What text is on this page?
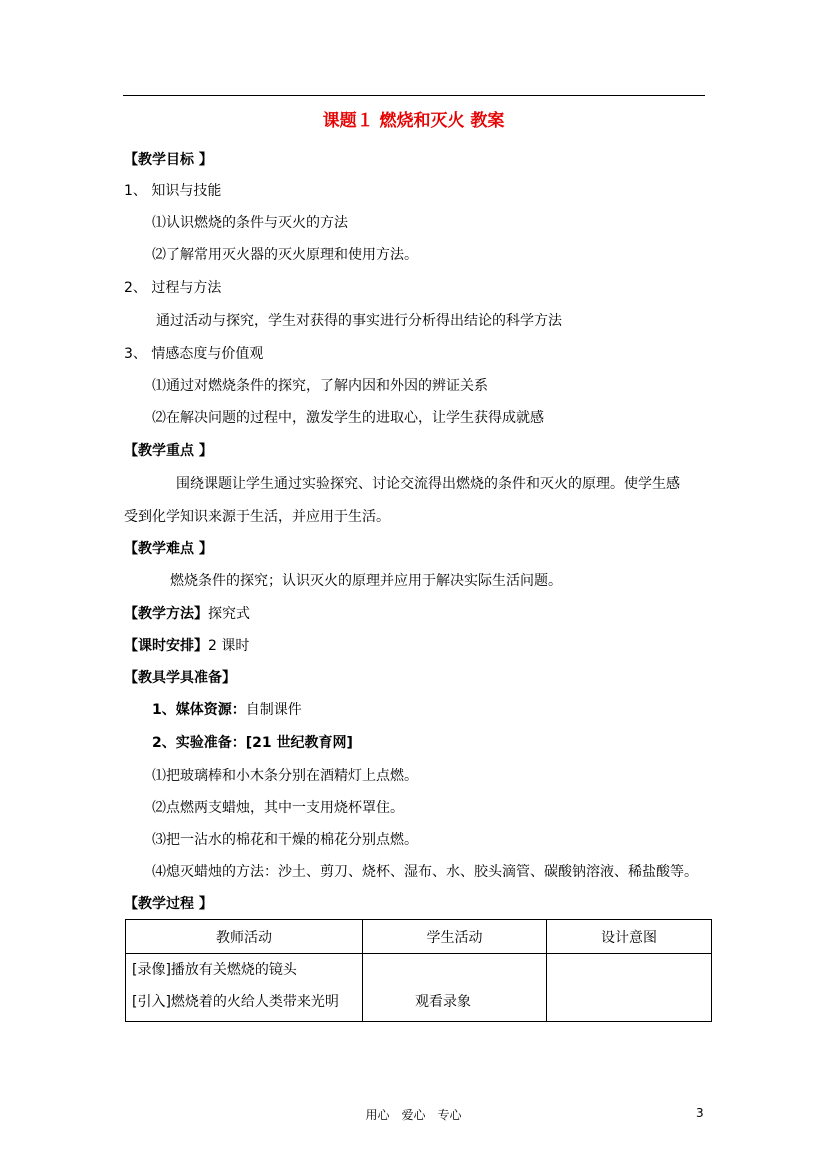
课题１ 燃烧和灭火 教案
【教学目标 】
1、 知识与技能
⑴认识燃烧的条件与灭火的方法
⑵了解常用灭火器的灭火原理和使用方法。
2、 过程与方法
通过活动与探究，学生对获得的事实进行分析得出结论的科学方法
3、 情感态度与价值观
⑴通过对燃烧条件的探究，了解内因和外因的辨证关系
⑵在解决问题的过程中，激发学生的进取心，让学生获得成就感
【教学重点 】
围绕课题让学生通过实验探究、讨论交流得出燃烧的条件和灭火的原理。使学生感
受到化学知识来源于生活，并应用于生活。
【教学难点 】
燃烧条件的探究；认识灭火的原理并应用于解决实际生活问题。
【教学方法】探究式
【课时安排】2 课时
【教具学具准备】
1、媒体资源：自制课件
2、实验准备：[21 世纪教育网]
⑴把玻璃棒和小木条分别在酒精灯上点燃。
⑵点燃两支蜡烛，其中一支用烧杯罩住。
⑶把一沾水的棉花和干燥的棉花分别点燃。
⑷熄灭蜡烛的方法：沙土、剪刀、烧杯、湿布、水、胶头滴管、碳酸钠溶液、稀盐酸等。
【教学过程 】
教师活动	学生活动	设计意图

[录像]播放有关燃烧的镜头
[引入]燃烧着的火给人类带来光明	观看录象	

用心　爱心　专心	3
